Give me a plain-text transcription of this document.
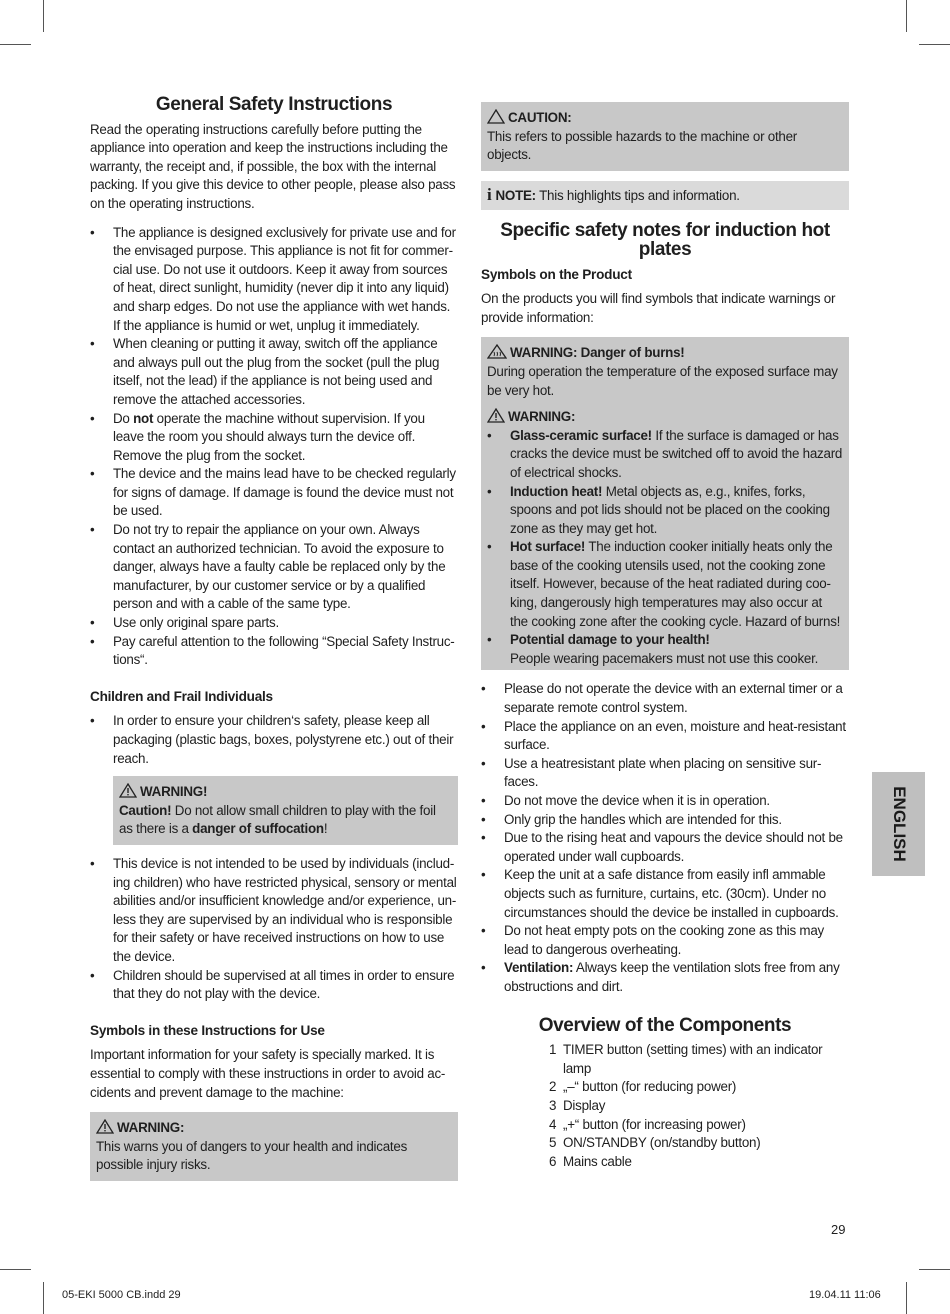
General Safety Instructions

Read the operating instructions carefully before putting the appliance into operation and keep the instructions including the warranty, the receipt and, if possible, the box with the internal packing. If you give this device to other people, please also pass on the operating instructions.

• The appliance is designed exclusively for private use and for the envisaged purpose. This appliance is not fit for commer-cial use. Do not use it outdoors. Keep it away from sources of heat, direct sunlight, humidity (never dip it into any liquid) and sharp edges. Do not use the appliance with wet hands. If the appliance is humid or wet, unplug it immediately.
• When cleaning or putting it away, switch off the appliance and always pull out the plug from the socket (pull the plug itself, not the lead) if the appliance is not being used and remove the attached accessories.
• Do not operate the machine without supervision. If you leave the room you should always turn the device off. Remove the plug from the socket.
• The device and the mains lead have to be checked regularly for signs of damage. If damage is found the device must not be used.
• Do not try to repair the appliance on your own. Always contact an authorized technician. To avoid the exposure to danger, always have a faulty cable be replaced only by the manufacturer, by our customer service or by a qualified person and with a cable of the same type.
• Use only original spare parts.
• Pay careful attention to the following “Special Safety Instruc-tions“.
Children and Frail Individuals
• In order to ensure your children‘s safety, please keep all packaging (plastic bags, boxes, polystyrene etc.) out of their reach.
WARNING!
Caution! Do not allow small children to play with the foil as there is a danger of suffocation!
• This device is not intended to be used by individuals (includ-ing children) who have restricted physical, sensory or mental abilities and/or insufficient knowledge and/or experience, un-less they are supervised by an individual who is responsible for their safety or have received instructions on how to use the device.
• Children should be supervised at all times in order to ensure that they do not play with the device.
Symbols in these Instructions for Use

Important information for your safety is specially marked. It is essential to comply with these instructions in order to avoid ac-cidents and prevent damage to the machine:

WARNING:
This warns you of dangers to your health and indicates possible injury risks.
CAUTION:
This refers to possible hazards to the machine or other objects.
i NOTE: This highlights tips and information.
Specific safety notes for induction hot plates
Symbols on the Product

On the products you will find symbols that indicate warnings or provide information:

WARNING: Danger of burns!
During operation the temperature of the exposed surface may be very hot.
WARNING:
• Glass-ceramic surface! If the surface is damaged or has cracks the device must be switched off to avoid the hazard of electrical shocks.
• Induction heat! Metal objects as, e.g., knifes, forks, spoons and pot lids should not be placed on the cooking zone as they may get hot.
• Hot surface! The induction cooker initially heats only the base of the cooking utensils used, not the cooking zone itself. However, because of the heat radiated during coo-king, dangerously high temperatures may also occur at the cooking zone after the cooking cycle. Hazard of burns!
• Potential damage to your health!
People wearing pacemakers must not use this cooker.
• Please do not operate the device with an external timer or a separate remote control system.
• Place the appliance on an even, moisture and heat-resistant surface.
• Use a heatresistant plate when placing on sensitive sur-faces.
• Do not move the device when it is in operation.
• Only grip the handles which are intended for this.
• Due to the rising heat and vapours the device should not be operated under wall cupboards.
• Keep the unit at a safe distance from easily infl ammable objects such as furniture, curtains, etc. (30cm). Under no circumstances should the device be installed in cupboards.
• Do not heat empty pots on the cooking zone as this may lead to dangerous overheating.
• Ventilation: Always keep the ventilation slots free from any obstructions and dirt.
Overview of the Components
1 TIMER button (setting times) with an indicator lamp
2 „–“ button (for reducing power)
3 Display
4 „+“ button (for increasing power)
5 ON/STANDBY (on/standby button)
6 Mains cable
ENGLISH
29
05-EKI 5000 CB.indd 29	19.04.11 11:06
